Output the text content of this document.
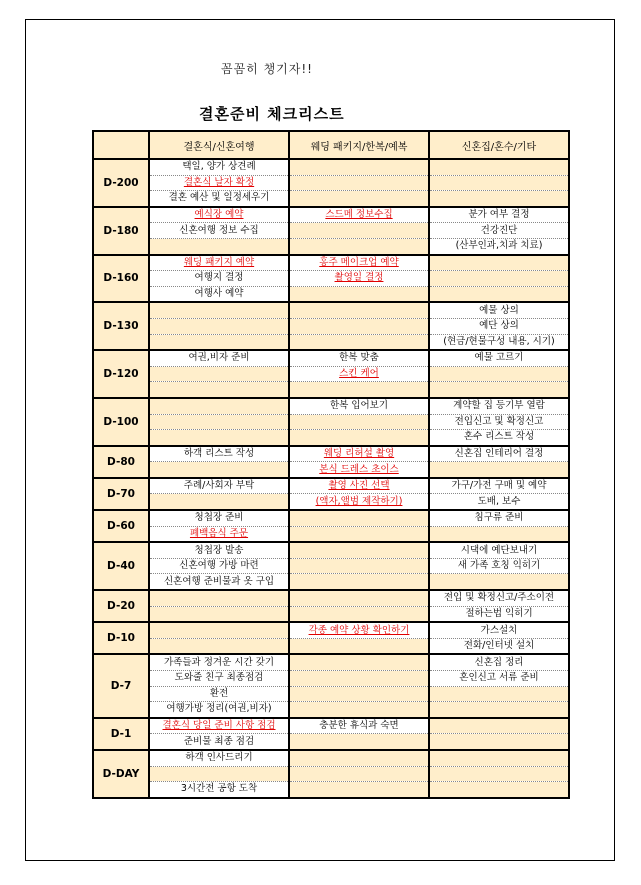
꼼꼼히 챙기자!!
결혼준비 체크리스트
	결혼식/신혼여행	웨딩 패키지/한복/예복	신혼집/혼수/기타
D-200	택일, 양가 상견례		
	결혼식 날자 확정		
	결혼 예산 및 일정세우기		
D-180	예식장 예약	스드메 정보수집	분가 여부 결정
	신혼여행 정보 수집		건강진단
			(산부인과,치과 치료)
D-160	웨딩 패키지 예약	홍주 메이크업 예약	
	여행지 결정	촬영일 결정	
	여행사 예약		
D-130			예물 상의
			예단 상의
			(현금/현물구성 내용, 시기)
D-120	여권,비자 준비	한복 맞춤	예물 고르기
		스킨 케어	

D-100		한복 입어보기	계약할 집 등기부 열람
			전입신고 및 확정신고
			혼수 리스트 작성
D-80	하객 리스트 작성	웨딩 리허설 촬영	신혼집 인테리어 결정
		본식 드레스 초이스	
D-70	주례/사회자 부탁	촬영 사진 선택	가구/가전 구매 및 예약
		(액자,앨범 제작하기)	도배, 보수
D-60	청첩장 준비		침구류 준비
	폐백음식 주문		
D-40	청첩장 발송		시댁에 예단보내기
	신혼여행 가방 마련		새 가족 호칭 익히기
	신혼여행 준비물과 옷 구입		
D-20			전입 및 확정신고/주소이전
			절하는법 익히기
D-10		각종 예약 상황 확인하기	가스설치
			전화/인터넷 설치
D-7	가족들과 정겨운 시간 갖기		신혼집 정리
	도와줄 친구 최종점검		혼인신고 서류 준비
	환전		
	여행가방 정리(여권,비자)		
D-1	결혼식 당일 준비 사항 점검	충분한 휴식과 숙면	
	준비물 최종 점검		
D-DAY	하객 인사드리기		

	3시간전 공항 도착		
